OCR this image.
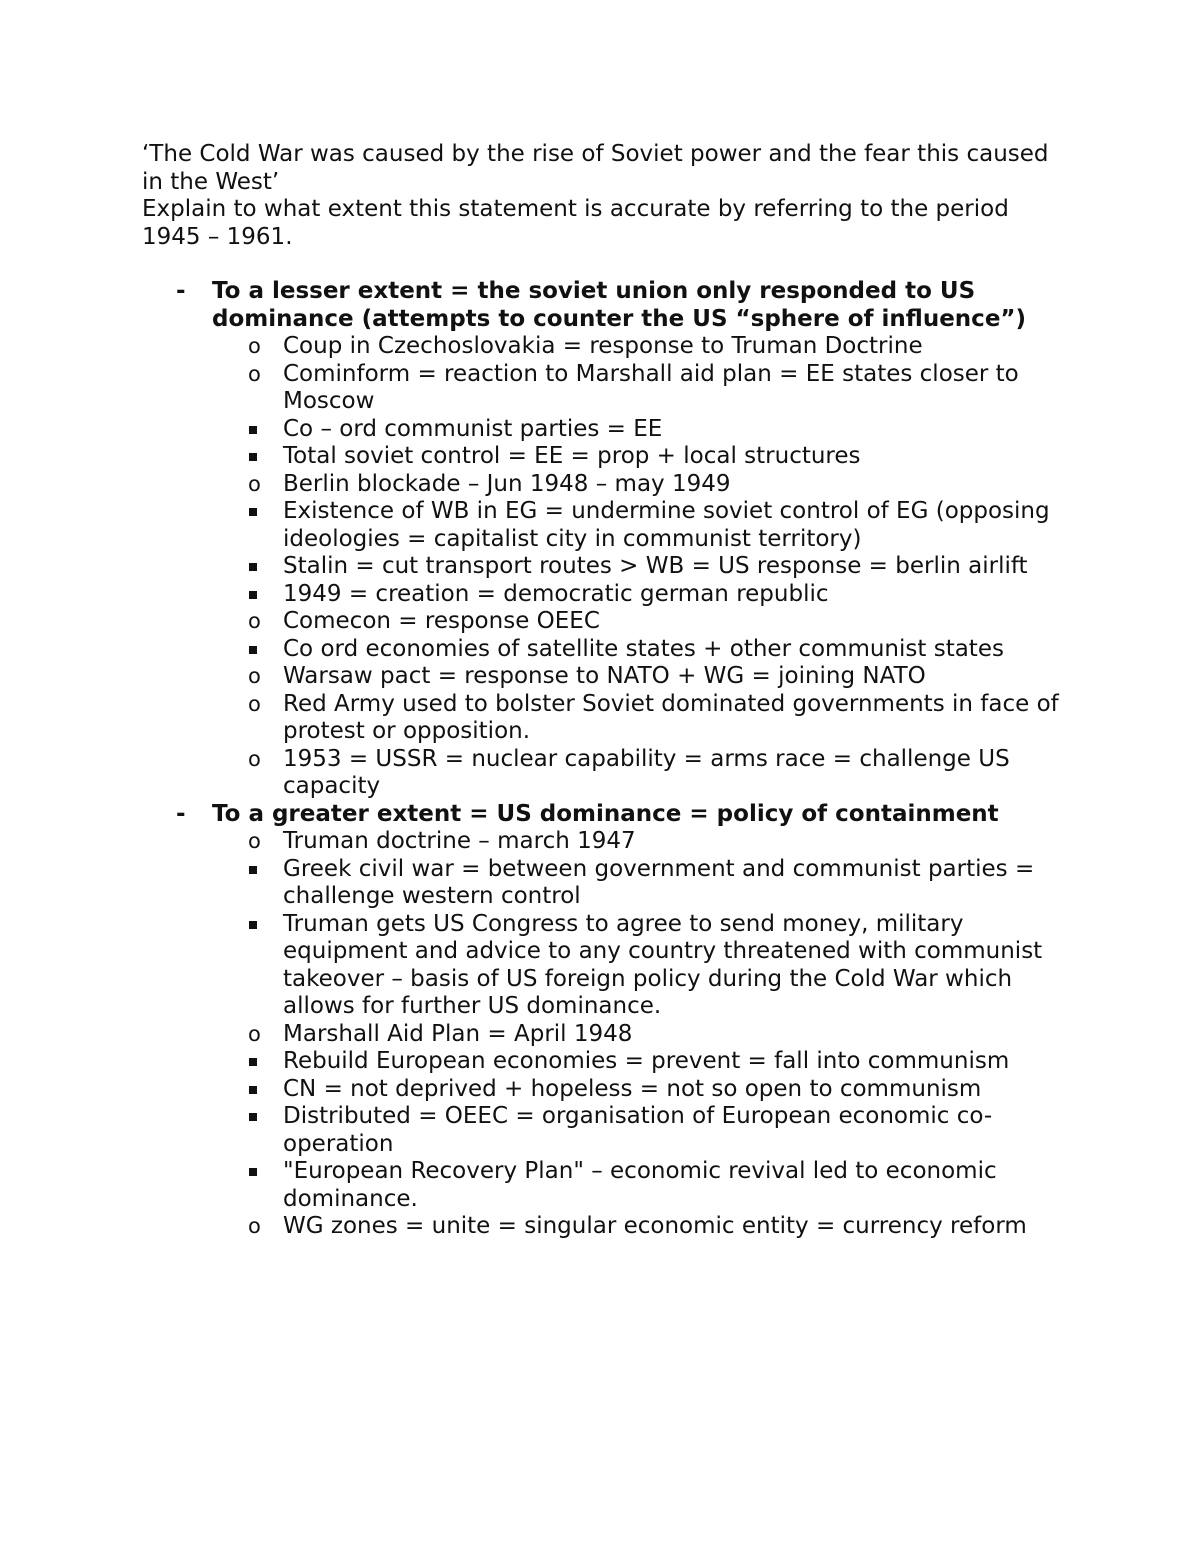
‘The Cold War was caused by the rise of Soviet power and the fear this caused in the West’

Explain to what extent this statement is accurate by referring to the period 1945 – 1961.

- To a lesser extent = the soviet union only responded to US dominance (attempts to counter the US “sphere of influence”)
o Coup in Czechoslovakia = response to Truman Doctrine
o Cominform = reaction to Marshall aid plan = EE states closer to Moscow
Co – ord communist parties = EE
Total soviet control = EE = prop + local structures
o Berlin blockade – Jun 1948 – may 1949
Existence of WB in EG = undermine soviet control of EG (opposing ideologies = capitalist city in communist territory)
Stalin = cut transport routes > WB = US response = berlin airlift
1949 = creation = democratic german republic
o Comecon = response OEEC
Co ord economies of satellite states + other communist states
o Warsaw pact = response to NATO + WG = joining NATO
o Red Army used to bolster Soviet dominated governments in face of protest or opposition.
o 1953 = USSR = nuclear capability = arms race = challenge US capacity
- To a greater extent = US dominance = policy of containment
o Truman doctrine – march 1947
Greek civil war = between government and communist parties = challenge western control
Truman gets US Congress to agree to send money, military equipment and advice to any country threatened with communist takeover – basis of US foreign policy during the Cold War which allows for further US dominance.
o Marshall Aid Plan = April 1948
Rebuild European economies = prevent = fall into communism
CN = not deprived + hopeless = not so open to communism
Distributed = OEEC = organisation of European economic co-operation
"European Recovery Plan" – economic revival led to economic dominance.
o WG zones = unite = singular economic entity = currency reform
